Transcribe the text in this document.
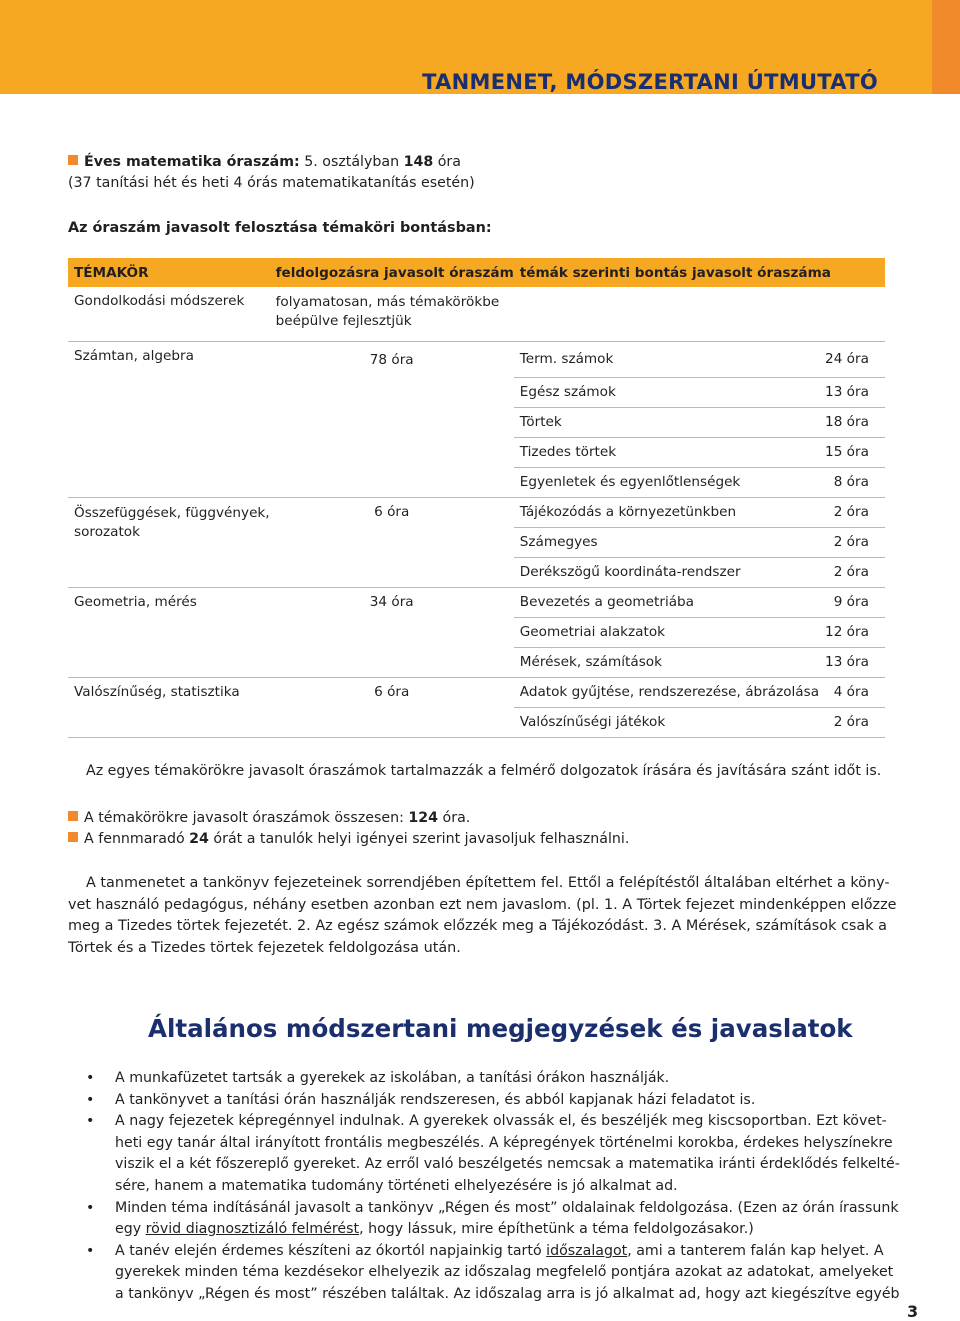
TANMENET, MÓDSZERTANI ÚTMUTATÓ
Éves matematika óraszám: 5. osztályban 148 óra
(37 tanítási hét és heti 4 órás matematikatanítás esetén)
Az óraszám javasolt felosztása témaköri bontásban:
TÉMAKÖR	feldolgozásra javasolt óraszám	témák szerinti bontás javasolt óraszáma	
Gondolkodási módszerek	folyamatosan, más témakörökbe
beépülve fejlesztjük		
Számtan, algebra	78 óra	Term. számok	24 óra
		Egész számok	13 óra
		Törtek	18 óra
		Tizedes törtek	15 óra
		Egyenletek és egyenlőtlenségek	8 óra
Összefüggések, függvények,
sorozatok	6 óra	Tájékozódás a környezetünkben	2 óra
		Számegyes	2 óra
		Derékszögű koordináta-rendszer	2 óra
Geometria, mérés	34 óra	Bevezetés a geometriába	9 óra
		Geometriai alakzatok	12 óra
		Mérések, számítások	13 óra
Valószínűség, statisztika	6 óra	Adatok gyűjtése, rendszerezése, ábrázolása	4 óra
		Valószínűségi játékok	2 óra
Az egyes témakörökre javasolt óraszámok tartalmazzák a felmérő dolgozatok írására és javítására szánt időt is.
A témakörökre javasolt óraszámok összesen: 124 óra.
A fennmaradó 24 órát a tanulók helyi igényei szerint javasoljuk felhasználni.
A tanmenetet a tankönyv fejezeteinek sorrendjében építettem fel. Ettől a felépítéstől általában eltérhet a köny-
vet használó pedagógus, néhány esetben azonban ezt nem javaslom. (pl. 1. A Törtek fejezet mindenképpen előzze
meg a Tizedes törtek fejezetét. 2. Az egész számok előzzék meg a Tájékozódást. 3. A Mérések, számítások csak a
Törtek és a Tizedes törtek fejezetek feldolgozása után.
Általános módszertani megjegyzések és javaslatok
• A munkafüzetet tartsák a gyerekek az iskolában, a tanítási órákon használják.
• A tankönyvet a tanítási órán használják rendszeresen, és abból kapjanak házi feladatot is.
• A nagy fejezetek képregénnyel indulnak. A gyerekek olvassák el, és beszéljék meg kiscsoportban. Ezt követ-
heti egy tanár által irányított frontális megbeszélés. A képregények történelmi korokba, érdekes helyszínekre
viszik el a két főszereplő gyereket. Az erről való beszélgetés nemcsak a matematika iránti érdeklődés felkelté-
sére, hanem a matematika tudomány történeti elhelyezésére is jó alkalmat ad.
• Minden téma indításánál javasolt a tankönyv „Régen és most” oldalainak feldolgozása. (Ezen az órán írassunk
egy rövid diagnosztizáló felmérést, hogy lássuk, mire építhetünk a téma feldolgozásakor.)
• A tanév elején érdemes készíteni az ókortól napjainkig tartó időszalagot, ami a tanterem falán kap helyet. A
gyerekek minden téma kezdésekor elhelyezik az időszalag megfelelő pontjára azokat az adatokat, amelyeket
a tankönyv „Régen és most” részében találtak. Az időszalag arra is jó alkalmat ad, hogy azt kiegészítve egyéb
3
